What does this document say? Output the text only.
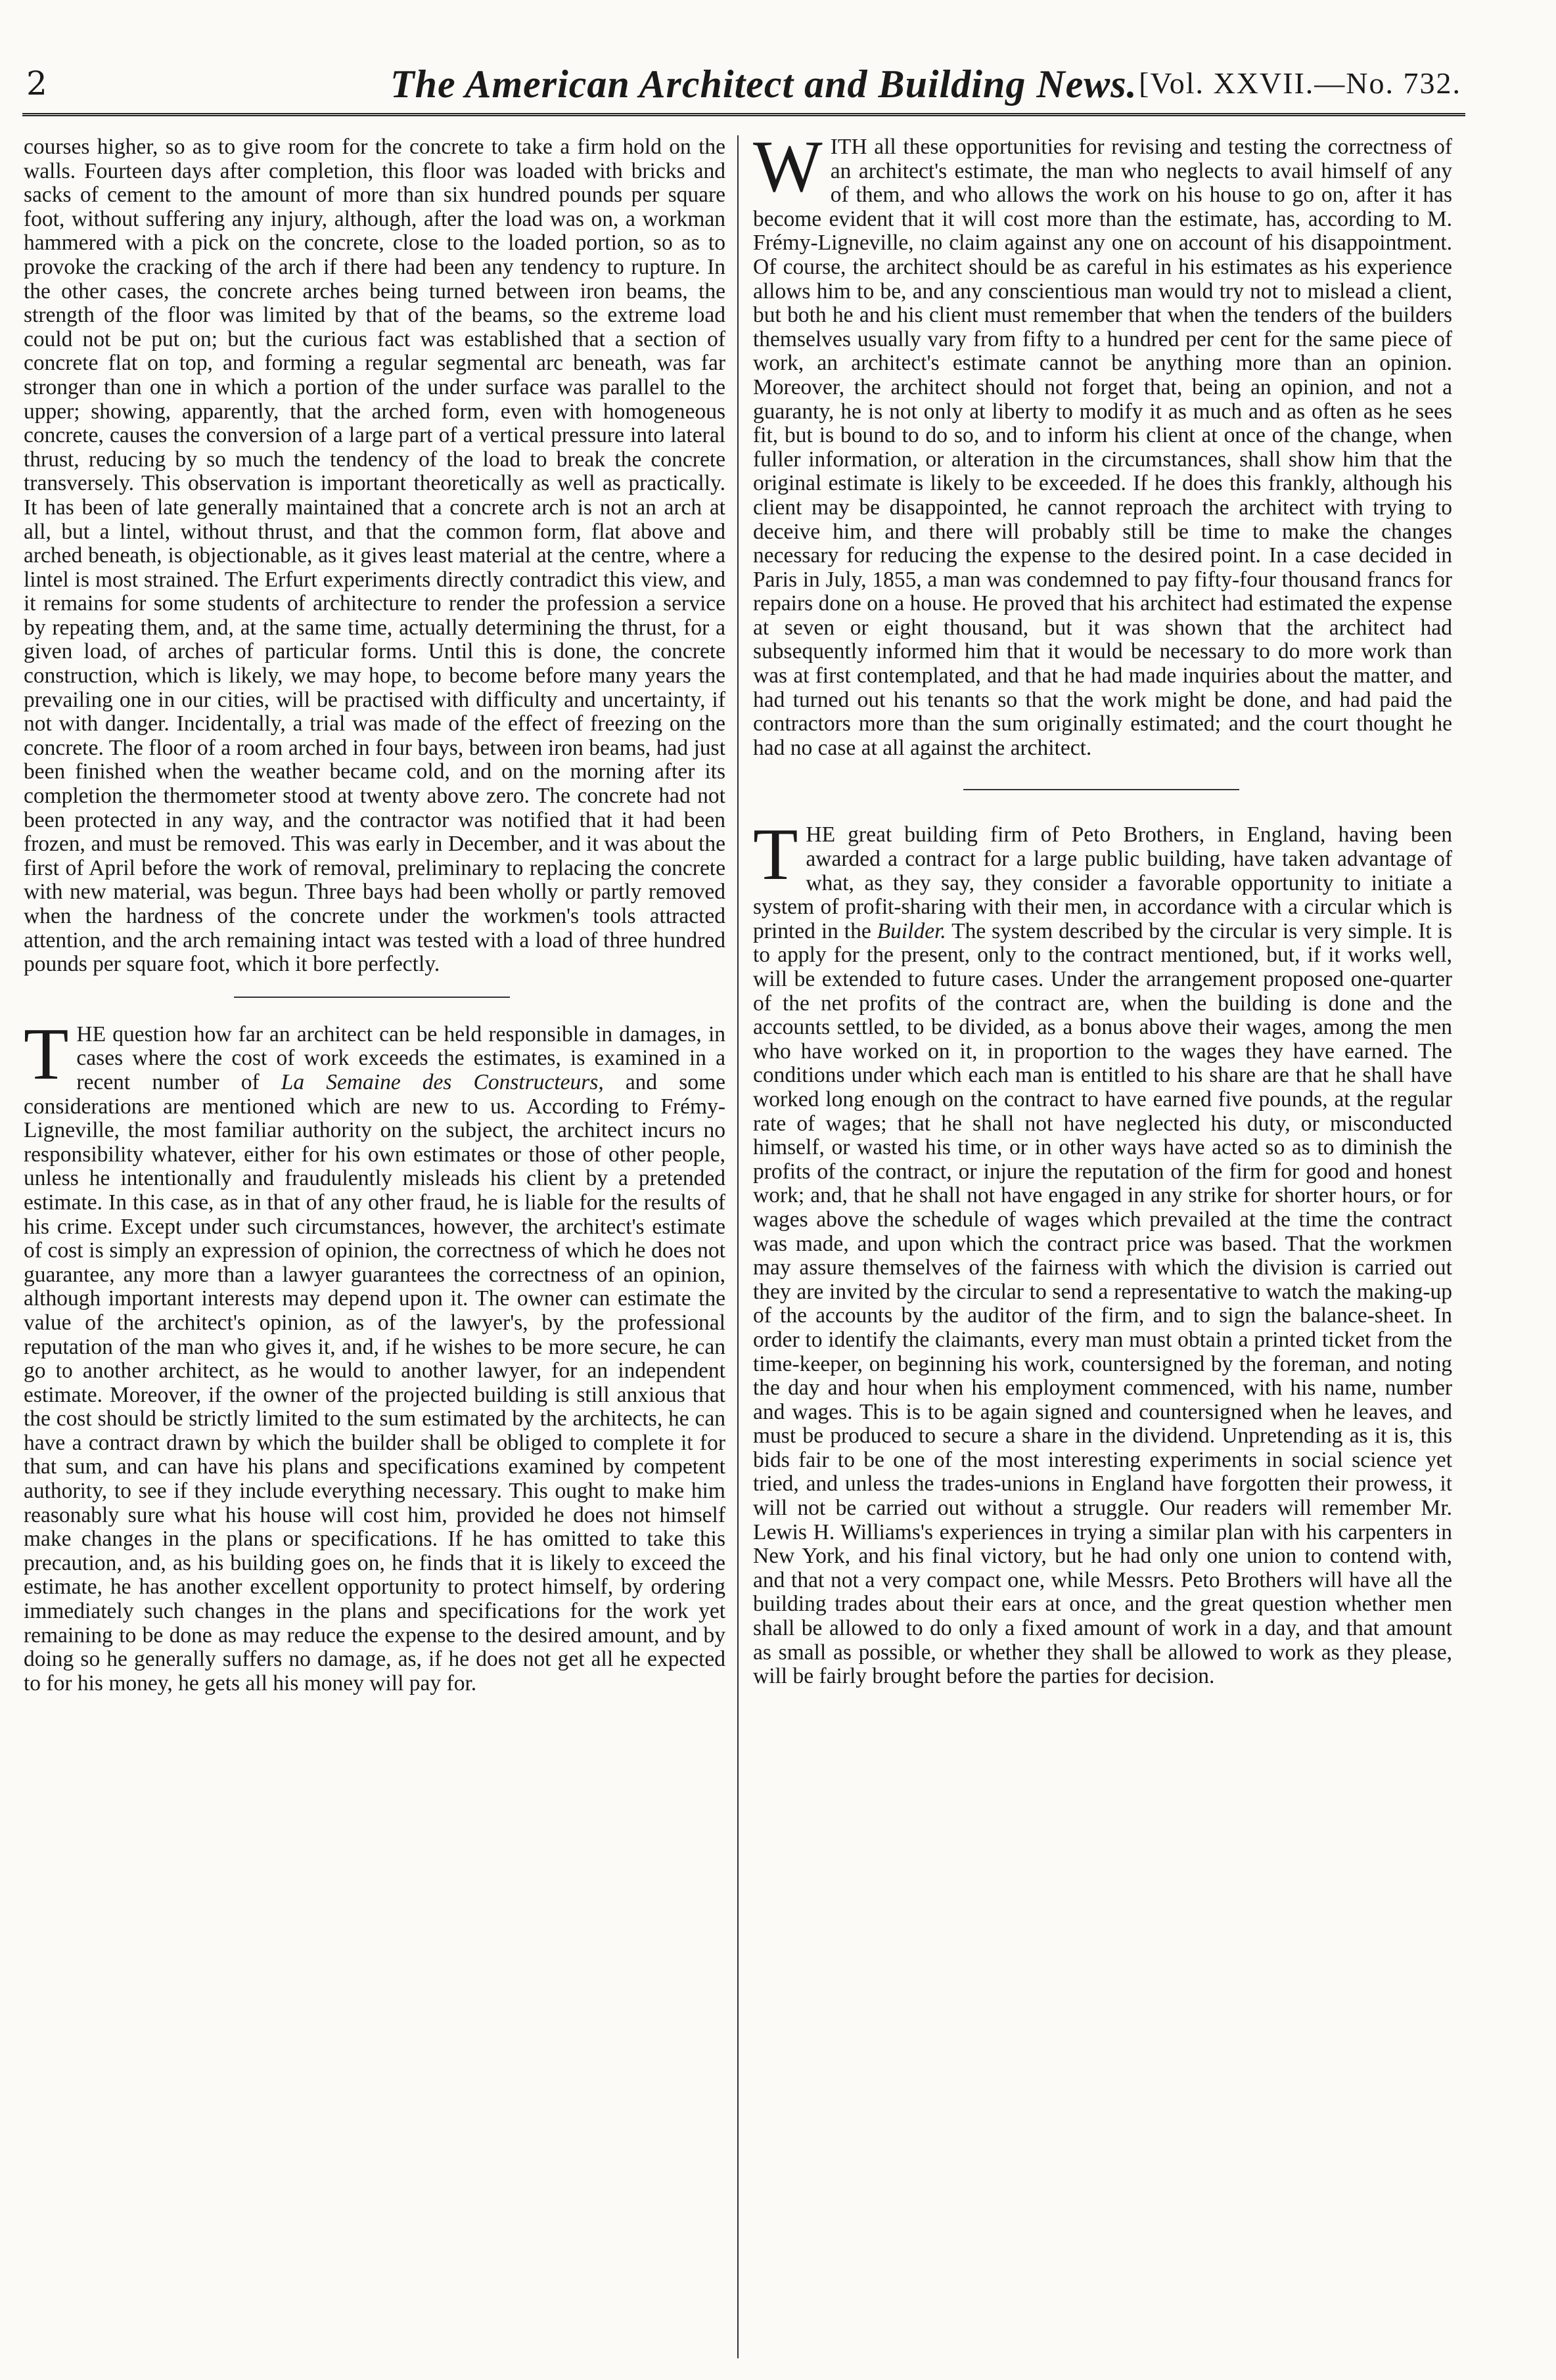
2	The American Architect and Building News. [Vol. XXVII.—No. 732.

courses higher, so as to give room for the concrete to take a firm hold on the walls. Fourteen days after completion, this floor was loaded with bricks and sacks of cement to the amount of more than six hundred pounds per square foot, without suffering any injury, although, after the load was on, a workman hammered with a pick on the concrete, close to the loaded portion, so as to provoke the cracking of the arch if there had been any tendency to rupture. In the other cases, the concrete arches being turned between iron beams, the strength of the floor was limited by that of the beams, so the extreme load could not be put on; but the curious fact was established that a section of concrete flat on top, and forming a regular segmental arc beneath, was far stronger than one in which a portion of the under surface was parallel to the upper; showing, apparently, that the arched form, even with homogeneous concrete, causes the conversion of a large part of a vertical pressure into lateral thrust, reducing by so much the tendency of the load to break the concrete transversely. This observation is important theoretically as well as practically. It has been of late generally maintained that a concrete arch is not an arch at all, but a lintel, without thrust, and that the common form, flat above and arched beneath, is objectionable, as it gives least material at the centre, where a lintel is most strained. The Erfurt experiments directly contradict this view, and it remains for some students of architecture to render the profession a service by repeating them, and, at the same time, actually determining the thrust, for a given load, of arches of particular forms. Until this is done, the concrete construction, which is likely, we may hope, to become before many years the prevailing one in our cities, will be practised with difficulty and uncertainty, if not with danger. Incidentally, a trial was made of the effect of freezing on the concrete. The floor of a room arched in four bays, between iron beams, had just been finished when the weather became cold, and on the morning after its completion the thermometer stood at twenty above zero. The concrete had not been protected in any way, and the contractor was notified that it had been frozen, and must be removed. This was early in December, and it was about the first of April before the work of removal, preliminary to replacing the concrete with new material, was begun. Three bays had been wholly or partly removed when the hardness of the concrete under the workmen's tools attracted attention, and the arch remaining intact was tested with a load of three hundred pounds per square foot, which it bore perfectly.

THE question how far an architect can be held responsible in damages, in cases where the cost of work exceeds the estimates, is examined in a recent number of La Semaine des Constructeurs, and some considerations are mentioned which are new to us. According to Frémy-Ligneville, the most familiar authority on the subject, the architect incurs no responsibility whatever, either for his own estimates or those of other people, unless he intentionally and fraudulently misleads his client by a pretended estimate. In this case, as in that of any other fraud, he is liable for the results of his crime. Except under such circumstances, however, the architect's estimate of cost is simply an expression of opinion, the correctness of which he does not guarantee, any more than a lawyer guarantees the correctness of an opinion, although important interests may depend upon it. The owner can estimate the value of the architect's opinion, as of the lawyer's, by the professional reputation of the man who gives it, and, if he wishes to be more secure, he can go to another architect, as he would to another lawyer, for an independent estimate. Moreover, if the owner of the projected building is still anxious that the cost should be strictly limited to the sum estimated by the architects, he can have a contract drawn by which the builder shall be obliged to complete it for that sum, and can have his plans and specifications examined by competent authority, to see if they include everything necessary. This ought to make him reasonably sure what his house will cost him, provided he does not himself make changes in the plans or specifications. If he has omitted to take this precaution, and, as his building goes on, he finds that it is likely to exceed the estimate, he has another excellent opportunity to protect himself, by ordering immediately such changes in the plans and specifications for the work yet remaining to be done as may reduce the expense to the desired amount, and by doing so he generally suffers no damage, as, if he does not get all he expected to for his money, he gets all his money will pay for.

WITH all these opportunities for revising and testing the correctness of an architect's estimate, the man who neglects to avail himself of any of them, and who allows the work on his house to go on, after it has become evident that it will cost more than the estimate, has, according to M. Frémy-Ligneville, no claim against any one on account of his disappointment. Of course, the architect should be as careful in his estimates as his experience allows him to be, and any conscientious man would try not to mislead a client, but both he and his client must remember that when the tenders of the builders themselves usually vary from fifty to a hundred per cent for the same piece of work, an architect's estimate cannot be anything more than an opinion. Moreover, the architect should not forget that, being an opinion, and not a guaranty, he is not only at liberty to modify it as much and as often as he sees fit, but is bound to do so, and to inform his client at once of the change, when fuller information, or alteration in the circumstances, shall show him that the original estimate is likely to be exceeded. If he does this frankly, although his client may be disappointed, he cannot reproach the architect with trying to deceive him, and there will probably still be time to make the changes necessary for reducing the expense to the desired point. In a case decided in Paris in July, 1855, a man was condemned to pay fifty-four thousand francs for repairs done on a house. He proved that his architect had estimated the expense at seven or eight thousand, but it was shown that the architect had subsequently informed him that it would be necessary to do more work than was at first contemplated, and that he had made inquiries about the matter, and had turned out his tenants so that the work might be done, and had paid the contractors more than the sum originally estimated; and the court thought he had no case at all against the architect.

THE great building firm of Peto Brothers, in England, having been awarded a contract for a large public building, have taken advantage of what, as they say, they consider a favorable opportunity to initiate a system of profit-sharing with their men, in accordance with a circular which is printed in the Builder. The system described by the circular is very simple. It is to apply for the present, only to the contract mentioned, but, if it works well, will be extended to future cases. Under the arrangement proposed one-quarter of the net profits of the contract are, when the building is done and the accounts settled, to be divided, as a bonus above their wages, among the men who have worked on it, in proportion to the wages they have earned. The conditions under which each man is entitled to his share are that he shall have worked long enough on the contract to have earned five pounds, at the regular rate of wages; that he shall not have neglected his duty, or misconducted himself, or wasted his time, or in other ways have acted so as to diminish the profits of the contract, or injure the reputation of the firm for good and honest work; and, that he shall not have engaged in any strike for shorter hours, or for wages above the schedule of wages which prevailed at the time the contract was made, and upon which the contract price was based. That the workmen may assure themselves of the fairness with which the division is carried out they are invited by the circular to send a representative to watch the making-up of the accounts by the auditor of the firm, and to sign the balance-sheet. In order to identify the claimants, every man must obtain a printed ticket from the time-keeper, on beginning his work, countersigned by the foreman, and noting the day and hour when his employment commenced, with his name, number and wages. This is to be again signed and countersigned when he leaves, and must be produced to secure a share in the dividend. Unpretending as it is, this bids fair to be one of the most interesting experiments in social science yet tried, and unless the trades-unions in England have forgotten their prowess, it will not be carried out without a struggle. Our readers will remember Mr. Lewis H. Williams's experiences in trying a similar plan with his carpenters in New York, and his final victory, but he had only one union to contend with, and that not a very compact one, while Messrs. Peto Brothers will have all the building trades about their ears at once, and the great question whether men shall be allowed to do only a fixed amount of work in a day, and that amount as small as possible, or whether they shall be allowed to work as they please, will be fairly brought before the parties for decision.
